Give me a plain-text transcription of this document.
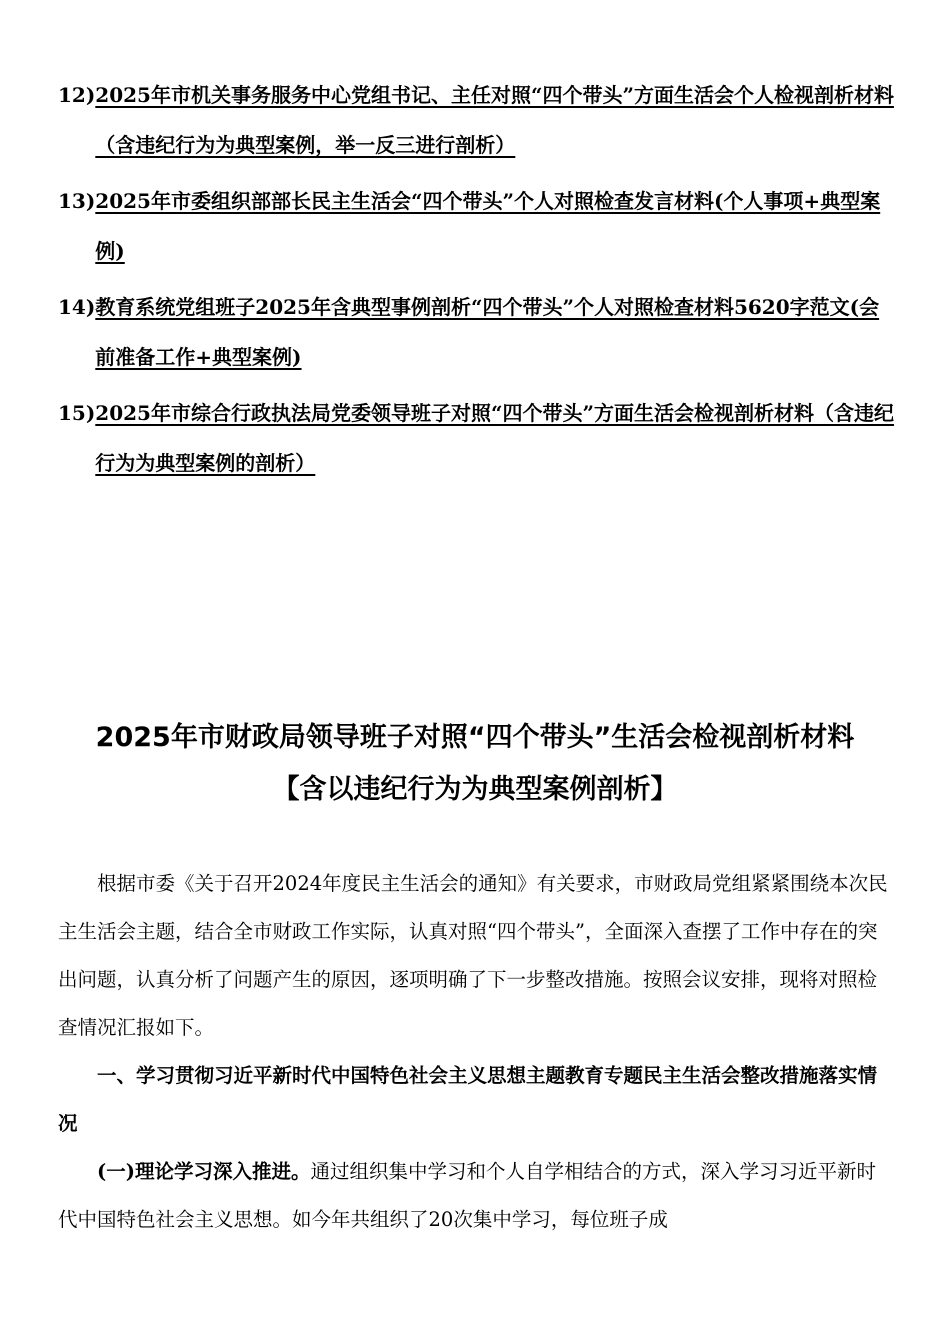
12) 2025年市机关事务服务中心党组书记、主任对照“四个带头”方面生活会个人检视剖析材料（含违纪行为为典型案例，举一反三进行剖析）
13) 2025年市委组织部部长民主生活会“四个带头”个人对照检查发言材料(个人事项+典型案例)
14) 教育系统党组班子2025年含典型事例剖析“四个带头”个人对照检查材料5620字范文(会前准备工作+典型案例)
15) 2025年市综合行政执法局党委领导班子对照“四个带头”方面生活会检视剖析材料（含违纪行为为典型案例的剖析）
2025年市财政局领导班子对照“四个带头”生活会检视剖析材料
【含以违纪行为为典型案例剖析】

根据市委《关于召开2024年度民主生活会的通知》有关要求，市财政局党组紧紧围绕本次民主生活会主题，结合全市财政工作实际，认真对照“四个带头”，全面深入查摆了工作中存在的突出问题，认真分析了问题产生的原因，逐项明确了下一步整改措施。按照会议安排，现将对照检查情况汇报如下。

一、学习贯彻习近平新时代中国特色社会主义思想主题教育专题民主生活会整改措施落实情况

(一)理论学习深入推进。通过组织集中学习和个人自学相结合的方式，深入学习习近平新时代中国特色社会主义思想。如今年共组织了20次集中学习，每位班子成
